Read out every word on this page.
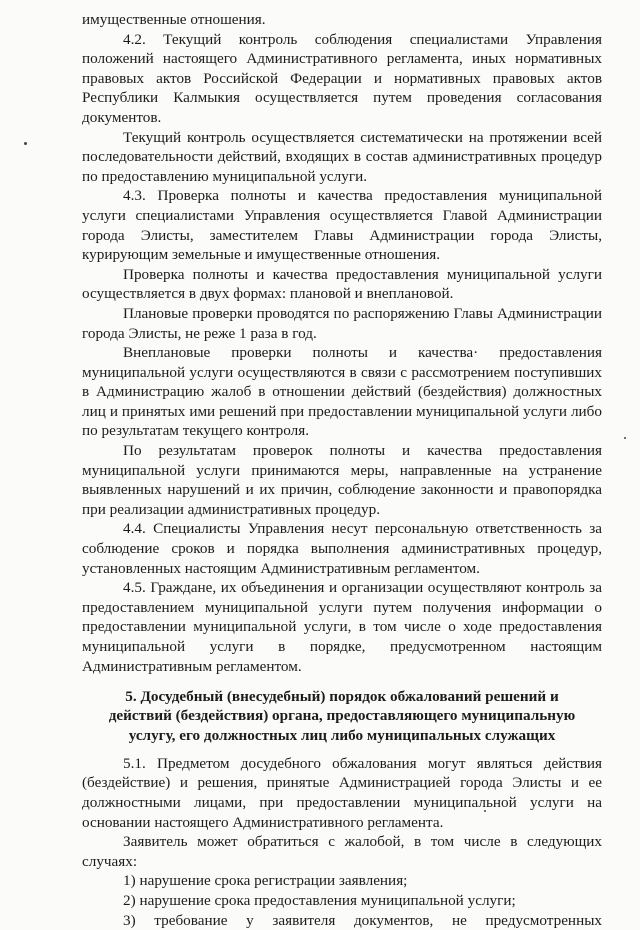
имущественные отношения.

4.2. Текущий контроль соблюдения специалистами Управления положений настоящего Административного регламента, иных нормативных правовых актов Российской Федерации и нормативных правовых актов Республики Калмыкия осуществляется путем проведения согласования документов.

Текущий контроль осуществляется систематически на протяжении всей последовательности действий, входящих в состав административных процедур по предоставлению муниципальной услуги.

4.3. Проверка полноты и качества предоставления муниципальной услуги специалистами Управления осуществляется Главой Администрации города Элисты, заместителем Главы Администрации города Элисты, курирующим земельные и имущественные отношения.

Проверка полноты и качества предоставления муниципальной услуги осуществляется в двух формах: плановой и внеплановой.

Плановые проверки проводятся по распоряжению Главы Администрации города Элисты, не реже 1 раза в год.

Внеплановые проверки полноты и качества· предоставления муниципальной услуги осуществляются в связи с рассмотрением поступивших в Администрацию жалоб в отношении действий (бездействия) должностных лиц и принятых ими решений при предоставлении муниципальной услуги либо по результатам текущего контроля.

По результатам проверок полноты и качества предоставления муниципальной услуги принимаются меры, направленные на устранение выявленных нарушений и их причин, соблюдение законности и правопорядка при реализации административных процедур.

4.4. Специалисты Управления несут персональную ответственность за соблюдение сроков и порядка выполнения административных процедур, установленных настоящим Административным регламентом.

4.5. Граждане, их объединения и организации осуществляют контроль за предоставлением муниципальной услуги путем получения информации о предоставлении муниципальной услуги, в том числе о ходе предоставления муниципальной услуги в порядке, предусмотренном настоящим Административным регламентом.

5. Досудебный (внесудебный) порядок обжалований решений и
действий (бездействия) органа, предоставляющего муниципальную
услугу, его должностных лиц либо муниципальных служащих

5.1. Предметом досудебного обжалования могут являться действия (бездействие) и решения, принятые Администрацией города Элисты и ее должностными лицами, при предоставлении муниципальной услуги на основании настоящего Административного регламента.

Заявитель может обратиться с жалобой, в том числе в следующих случаях:

1) нарушение срока регистрации заявления;

2) нарушение срока предоставления муниципальной услуги;

3) требование у заявителя документов, не предусмотренных
